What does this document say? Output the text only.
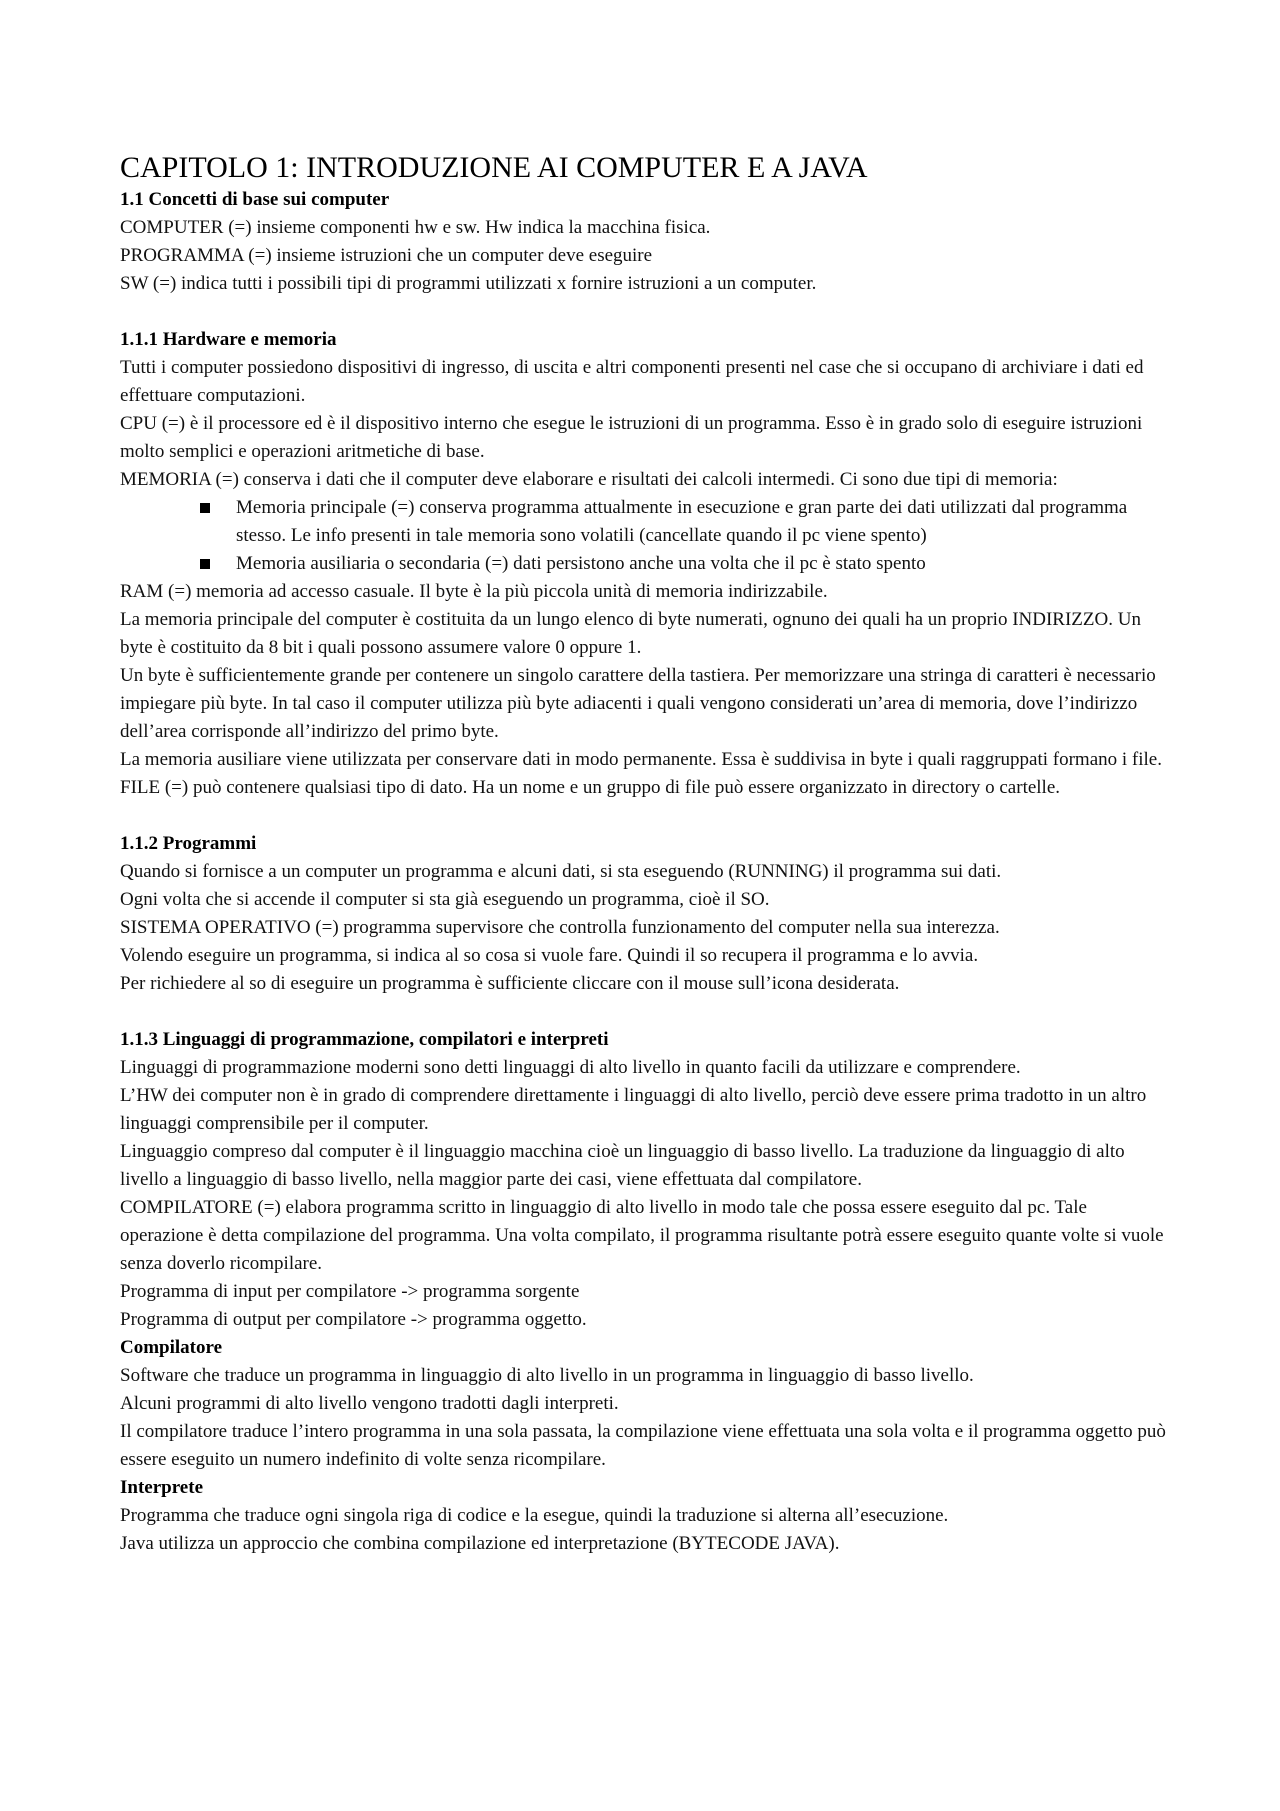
CAPITOLO 1: INTRODUZIONE AI COMPUTER E A JAVA
1.1 Concetti di base sui computer

COMPUTER (=) insieme componenti hw e sw. Hw indica la macchina fisica.

PROGRAMMA (=) insieme istruzioni che un computer deve eseguire

SW (=) indica tutti i possibili tipi di programmi utilizzati x fornire istruzioni a un computer.

1.1.1 Hardware e memoria

Tutti i computer possiedono dispositivi di ingresso, di uscita e altri componenti presenti nel case che si occupano di archiviare i dati ed effettuare computazioni.

CPU (=) è il processore ed è il dispositivo interno che esegue le istruzioni di un programma. Esso è in grado solo di eseguire istruzioni molto semplici e operazioni aritmetiche di base.

MEMORIA (=) conserva i dati che il computer deve elaborare e risultati dei calcoli intermedi. Ci sono due tipi di memoria:

Memoria principale (=) conserva programma attualmente in esecuzione e gran parte dei dati utilizzati dal programma stesso. Le info presenti in tale memoria sono volatili (cancellate quando il pc viene spento)
Memoria ausiliaria o secondaria (=) dati persistono anche una volta che il pc è stato spento

RAM (=) memoria ad accesso casuale. Il byte è la più piccola unità di memoria indirizzabile.

La memoria principale del computer è costituita da un lungo elenco di byte numerati, ognuno dei quali ha un proprio INDIRIZZO. Un byte è costituito da 8 bit i quali possono assumere valore 0 oppure 1.

Un byte è sufficientemente grande per contenere un singolo carattere della tastiera. Per memorizzare una stringa di caratteri è necessario impiegare più byte. In tal caso il computer utilizza più byte adiacenti i quali vengono considerati un’area di memoria, dove l’indirizzo dell’area corrisponde all’indirizzo del primo byte.

La memoria ausiliare viene utilizzata per conservare dati in modo permanente. Essa è suddivisa in byte i quali raggruppati formano i file.

FILE (=) può contenere qualsiasi tipo di dato. Ha un nome e un gruppo di file può essere organizzato in directory o cartelle.

1.1.2 Programmi

Quando si fornisce a un computer un programma e alcuni dati, si sta eseguendo (RUNNING) il programma sui dati.

Ogni volta che si accende il computer si sta già eseguendo un programma, cioè il SO.

SISTEMA OPERATIVO (=) programma supervisore che controlla funzionamento del computer nella sua interezza.

Volendo eseguire un programma, si indica al so cosa si vuole fare. Quindi il so recupera il programma e lo avvia.

Per richiedere al so di eseguire un programma è sufficiente cliccare con il mouse sull’icona desiderata.

1.1.3 Linguaggi di programmazione, compilatori e interpreti

Linguaggi di programmazione moderni sono detti linguaggi di alto livello in quanto facili da utilizzare e comprendere.

L’HW dei computer non è in grado di comprendere direttamente i linguaggi di alto livello, perciò deve essere prima tradotto in un altro linguaggi comprensibile per il computer.

Linguaggio compreso dal computer è il linguaggio macchina cioè un linguaggio di basso livello. La traduzione da linguaggio di alto livello a linguaggio di basso livello, nella maggior parte dei casi, viene effettuata dal compilatore.

COMPILATORE (=) elabora programma scritto in linguaggio di alto livello in modo tale che possa essere eseguito dal pc. Tale operazione è detta compilazione del programma. Una volta compilato, il programma risultante potrà essere eseguito quante volte si vuole senza doverlo ricompilare.

Programma di input per compilatore -> programma sorgente

Programma di output per compilatore -> programma oggetto.

Compilatore

Software che traduce un programma in linguaggio di alto livello in un programma in linguaggio di basso livello.

Alcuni programmi di alto livello vengono tradotti dagli interpreti.

Il compilatore traduce l’intero programma in una sola passata, la compilazione viene effettuata una sola volta e il programma oggetto può essere eseguito un numero indefinito di volte senza ricompilare.

Interprete

Programma che traduce ogni singola riga di codice e la esegue, quindi la traduzione si alterna all’esecuzione.

Java utilizza un approccio che combina compilazione ed interpretazione (BYTECODE JAVA).
